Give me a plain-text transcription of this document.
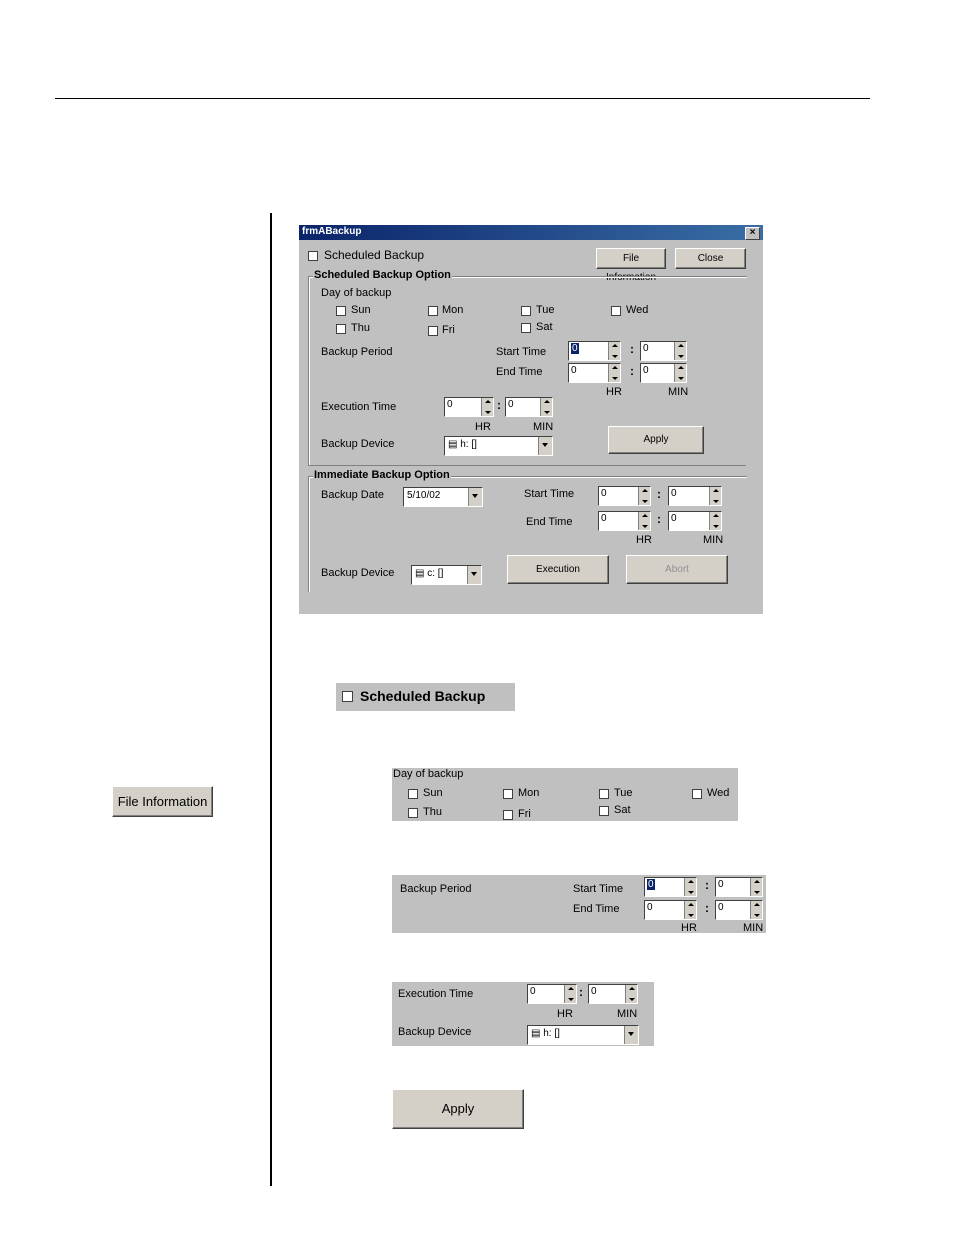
frmABackup	×
Scheduled Backup	File Information
Close
Scheduled Backup Option
Day of backup
Sun	Mon	Tue	Wed
Thu	Fri	Sat
Backup Period	Start Time	0	: 0
End Time	0	: 0
HR	MIN
Execution Time	0	: 0
HR	MIN
Backup Device	▤ h: []	Apply
Immediate Backup Option
Backup Date 5/10/02	Start Time	0	: 0
End Time	0	: 0
HR	MIN
Backup Device ▤ c: []	Execution	Abort
Scheduled Backup
File Information
Day of backup
Sun	Mon	Tue	Wed
Thu	Fri	Sat
Backup Period	Start Time 0	: 0
End Time	0	: 0
HR	MIN
Execution Time	0	: 0
HR	MIN
Backup Device	▤ h: []
Apply
